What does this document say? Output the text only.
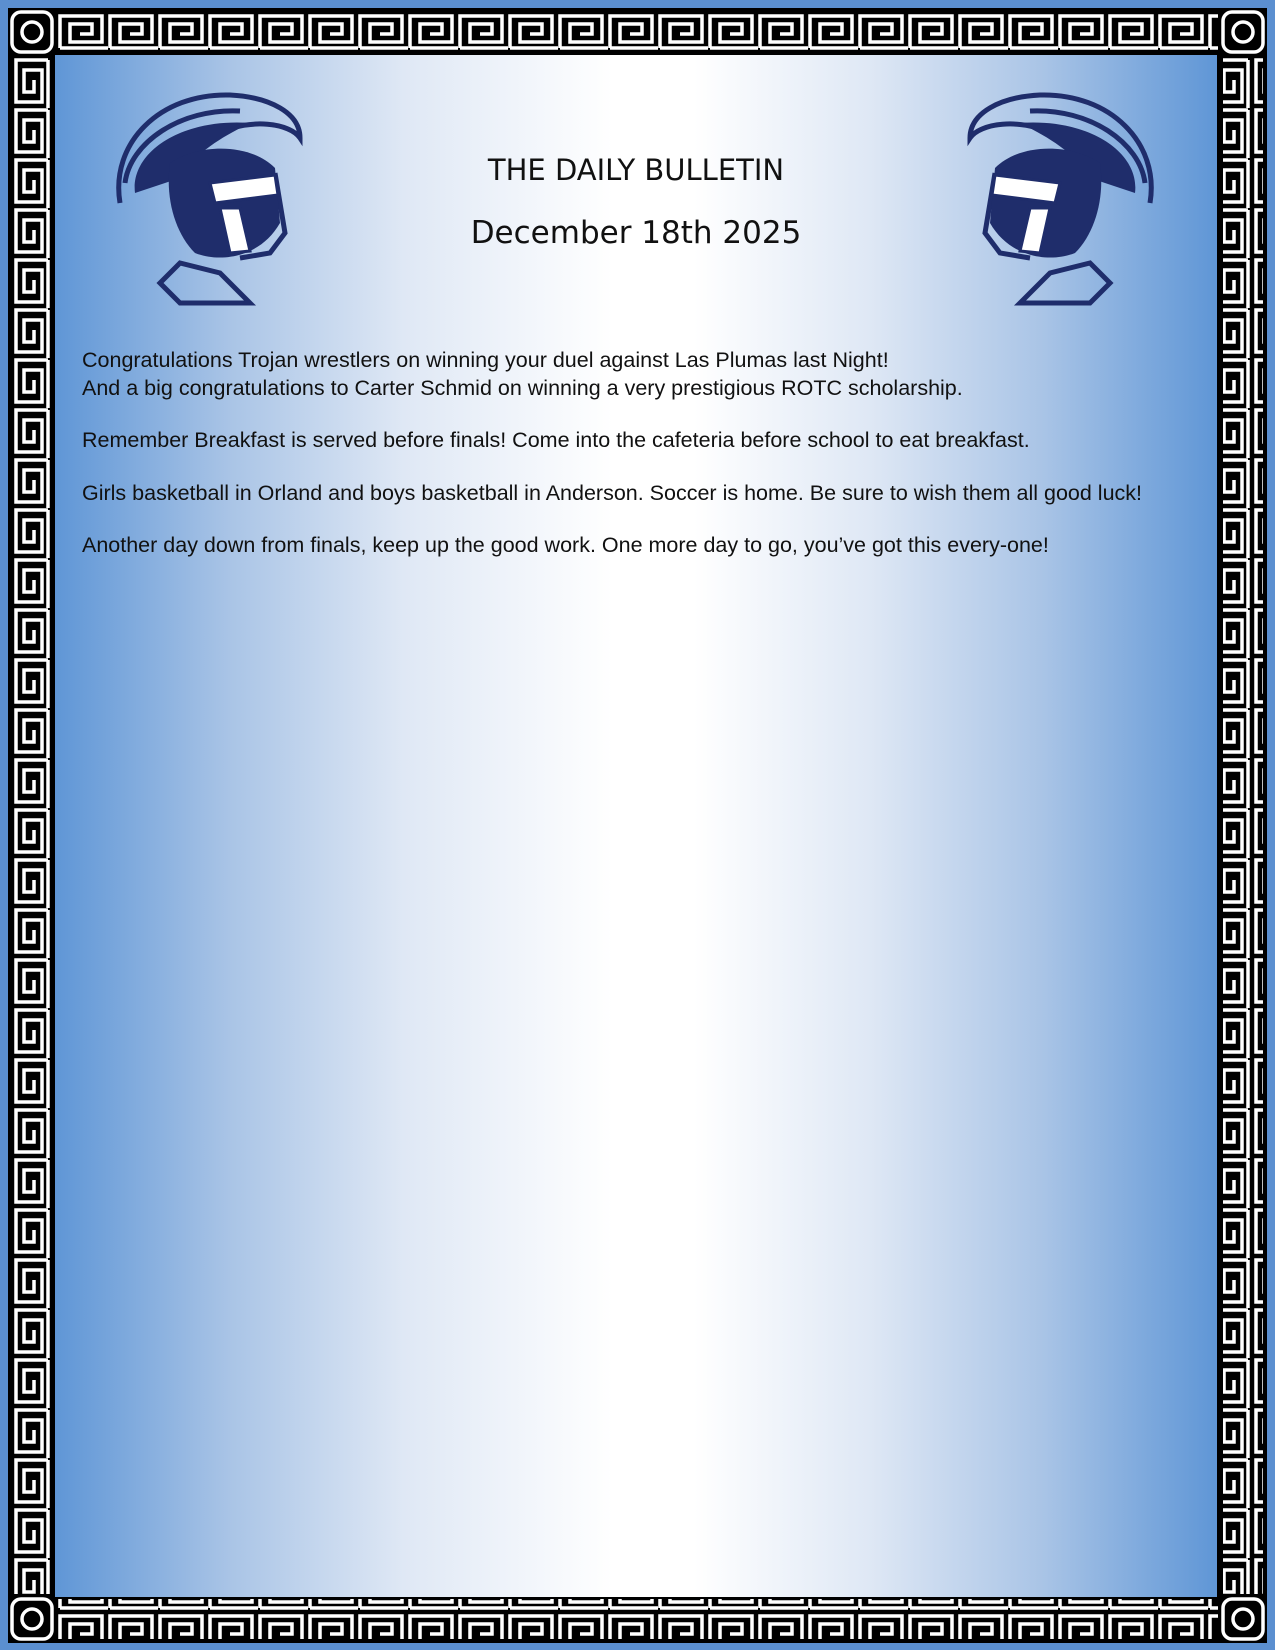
THE DAILY BULLETIN
December 18th 2025

Congratulations Trojan wrestlers on winning your duel against Las Plumas last Night!
And a big congratulations to Carter Schmid on winning a very prestigious ROTC scholarship.

Remember Breakfast is served before finals! Come into the cafeteria before school to eat breakfast.

Girls basketball in Orland and boys basketball in Anderson. Soccer is home. Be sure to wish them all good luck!

Another day down from finals, keep up the good work. One more day to go, you’ve got this every-one!
